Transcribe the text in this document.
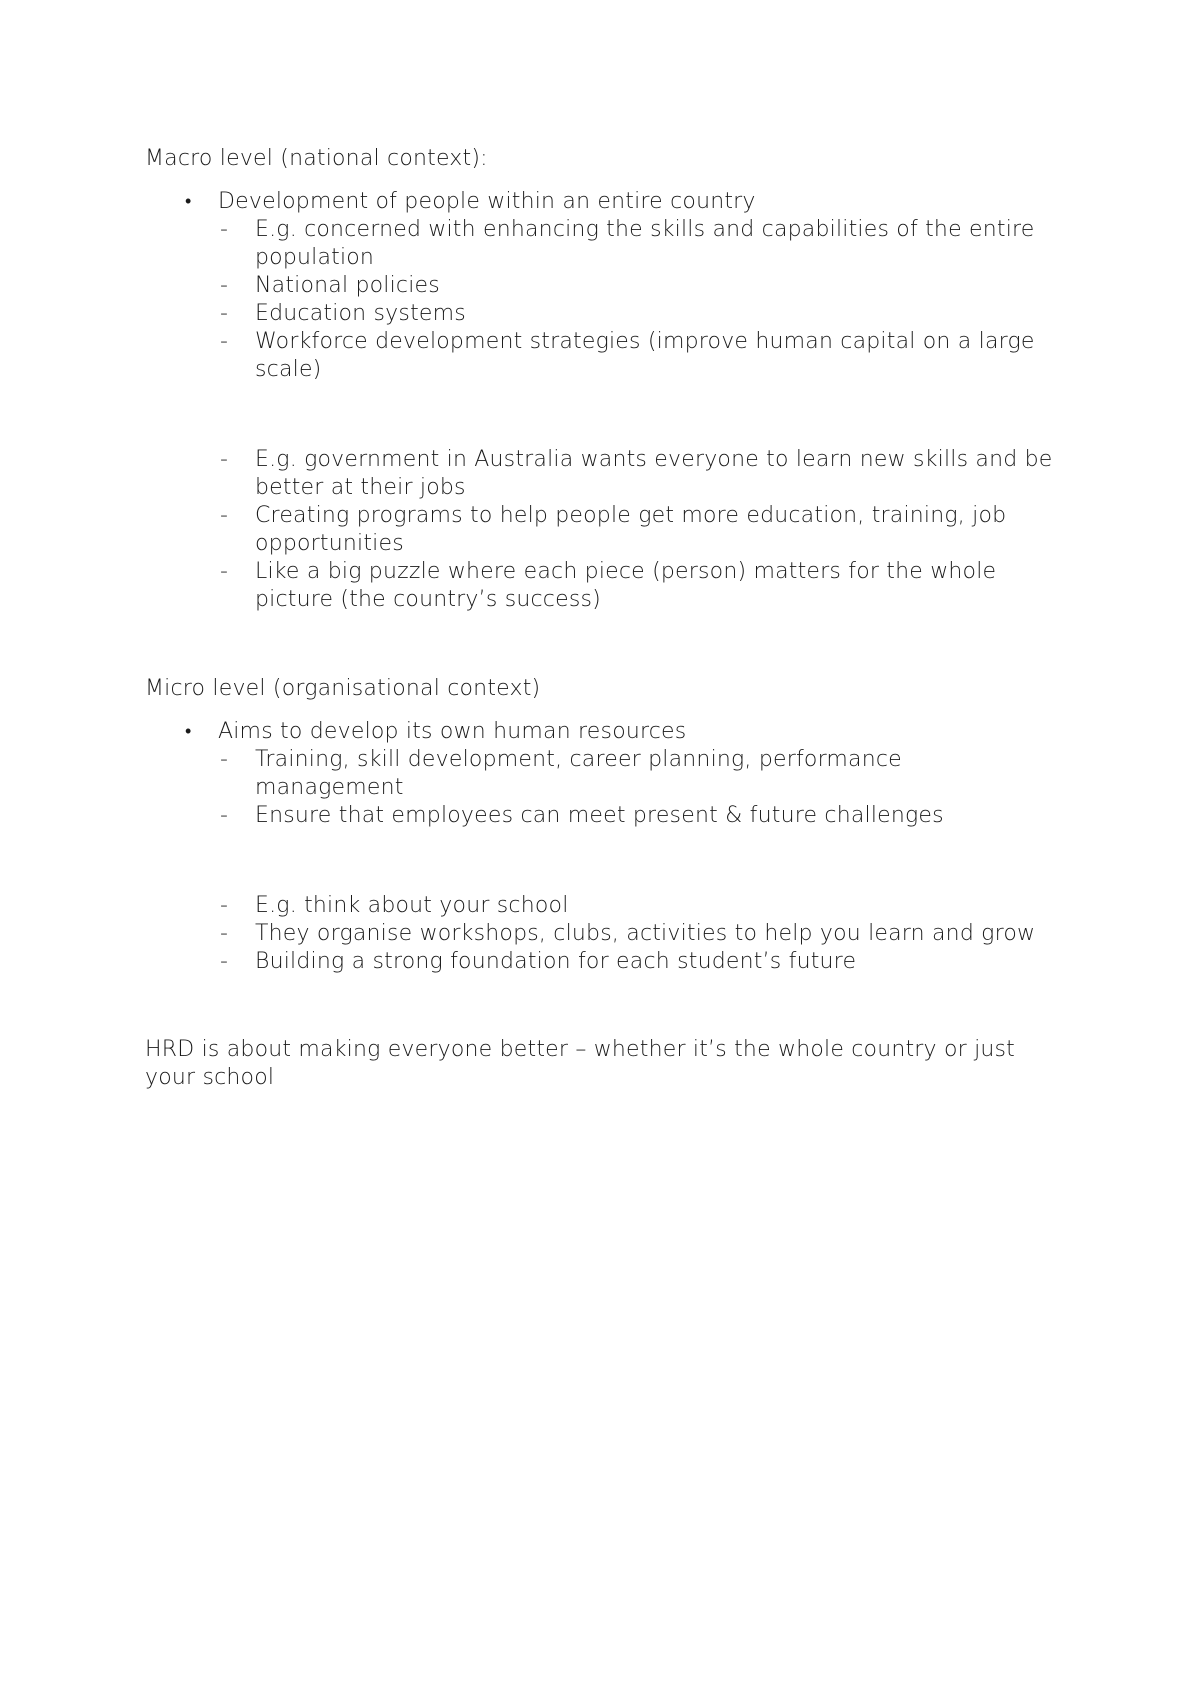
Macro level (national context):
• Development of people within an entire country
- E.g. concerned with enhancing the skills and capabilities of the entire
population
- National policies
- Education systems
- Workforce development strategies (improve human capital on a large
scale)
- E.g. government in Australia wants everyone to learn new skills and be
better at their jobs
- Creating programs to help people get more education, training, job
opportunities
- Like a big puzzle where each piece (person) matters for the whole
picture (the country’s success)
Micro level (organisational context)
• Aims to develop its own human resources
- Training, skill development, career planning, performance
management
- Ensure that employees can meet present & future challenges
- E.g. think about your school
- They organise workshops, clubs, activities to help you learn and grow
- Building a strong foundation for each student’s future
HRD is about making everyone better – whether it’s the whole country or just
your school
